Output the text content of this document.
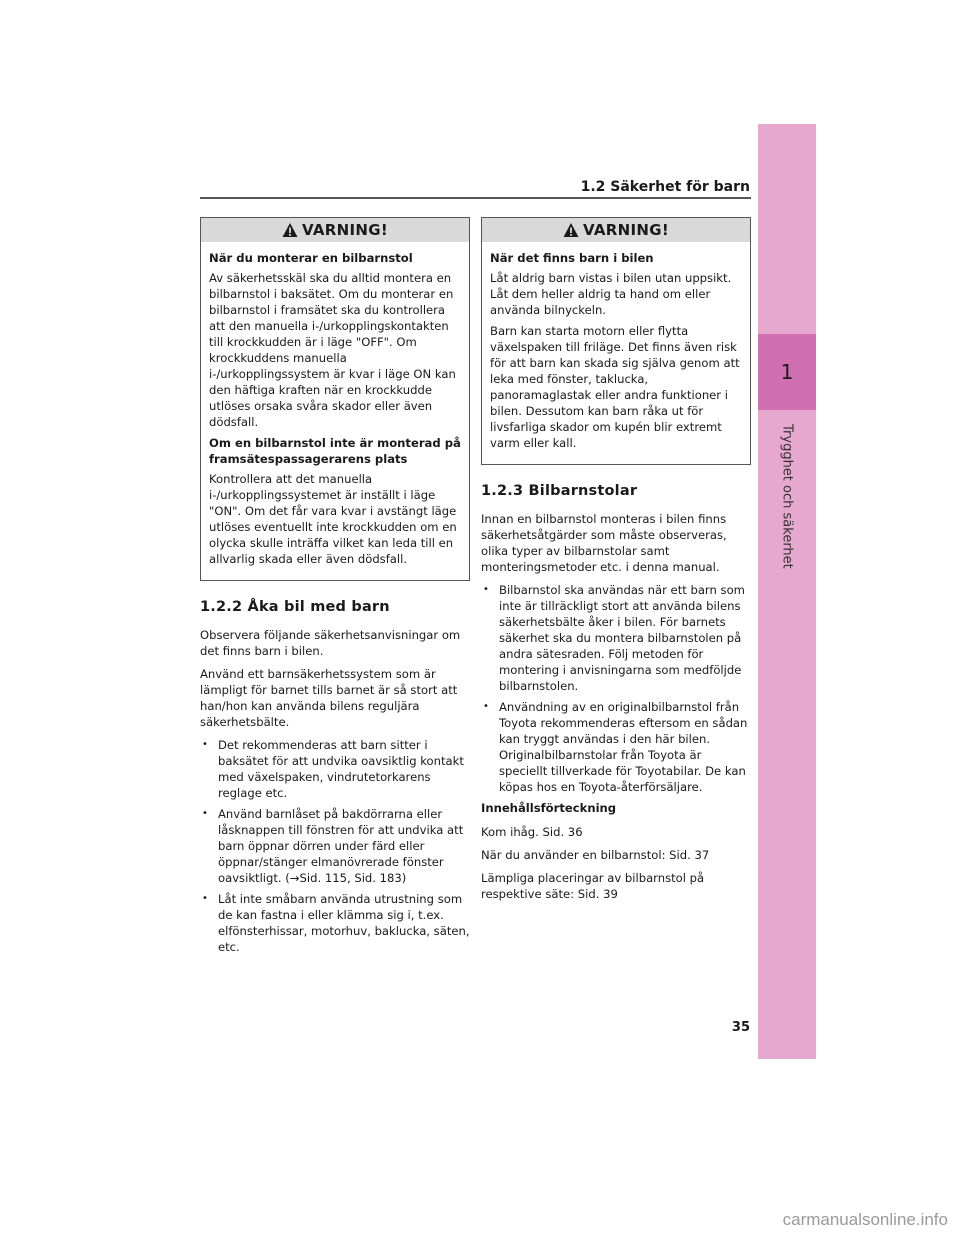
1
Trygghet och säkerhet
1.2 Säkerhet för barn
VARNING!
När du monterar en bilbarnstol

Av säkerhetsskäl ska du alltid montera en bilbarnstol i baksätet. Om du monterar en bilbarnstol i framsätet ska du kontrollera att den manuella i-/urkopplingskontakten till krockkudden är i läge "OFF". Om krockkuddens manuella i-/urkopplingssystem är kvar i läge ON kan den häftiga kraften när en krockkudde utlöses orsaka svåra skador eller även dödsfall.

Om en bilbarnstol inte är monterad på framsätespassagerarens plats

Kontrollera att det manuella i-/urkopplingssystemet är inställt i läge "ON". Om det får vara kvar i avstängt läge utlöses eventuellt inte krockkudden om en olycka skulle inträffa vilket kan leda till en allvarlig skada eller även dödsfall.

1.2.2 Åka bil med barn

Observera följande säkerhetsanvisningar om det finns barn i bilen.

Använd ett barnsäkerhetssystem som är lämpligt för barnet tills barnet är så stort att han/hon kan använda bilens reguljära säkerhetsbälte.

• Det rekommenderas att barn sitter i baksätet för att undvika oavsiktlig kontakt med växelspaken, vindrutetorkarens reglage etc.
• Använd barnlåset på bakdörrarna eller låsknappen till fönstren för att undvika att barn öppnar dörren under färd eller öppnar/stänger elmanövrerade fönster oavsiktligt. (→Sid. 115, Sid. 183)
• Låt inte småbarn använda utrustning som de kan fastna i eller klämma sig i, t.ex. elfönsterhissar, motorhuv, baklucka, säten, etc.
VARNING!
När det finns barn i bilen

Låt aldrig barn vistas i bilen utan uppsikt. Låt dem heller aldrig ta hand om eller använda bilnyckeln.

Barn kan starta motorn eller flytta växelspaken till friläge. Det finns även risk för att barn kan skada sig själva genom att leka med fönster, taklucka, panoramaglastak eller andra funktioner i bilen. Dessutom kan barn råka ut för livsfarliga skador om kupén blir extremt varm eller kall.

1.2.3 Bilbarnstolar

Innan en bilbarnstol monteras i bilen finns säkerhetsåtgärder som måste observeras, olika typer av bilbarnstolar samt monteringsmetoder etc. i denna manual.

• Bilbarnstol ska användas när ett barn som inte är tillräckligt stort att använda bilens säkerhetsbälte åker i bilen. För barnets säkerhet ska du montera bilbarnstolen på andra sätesraden. Följ metoden för montering i anvisningarna som medföljde bilbarnstolen.
• Användning av en originalbilbarnstol från Toyota rekommenderas eftersom en sådan kan tryggt användas i den här bilen. Originalbilbarnstolar från Toyota är speciellt tillverkade för Toyotabilar. De kan köpas hos en Toyota-återförsäljare.
Innehållsförteckning

Kom ihåg. Sid. 36

När du använder en bilbarnstol: Sid. 37

Lämpliga placeringar av bilbarnstol på respektive säte: Sid. 39

35
carmanualsonline.info
